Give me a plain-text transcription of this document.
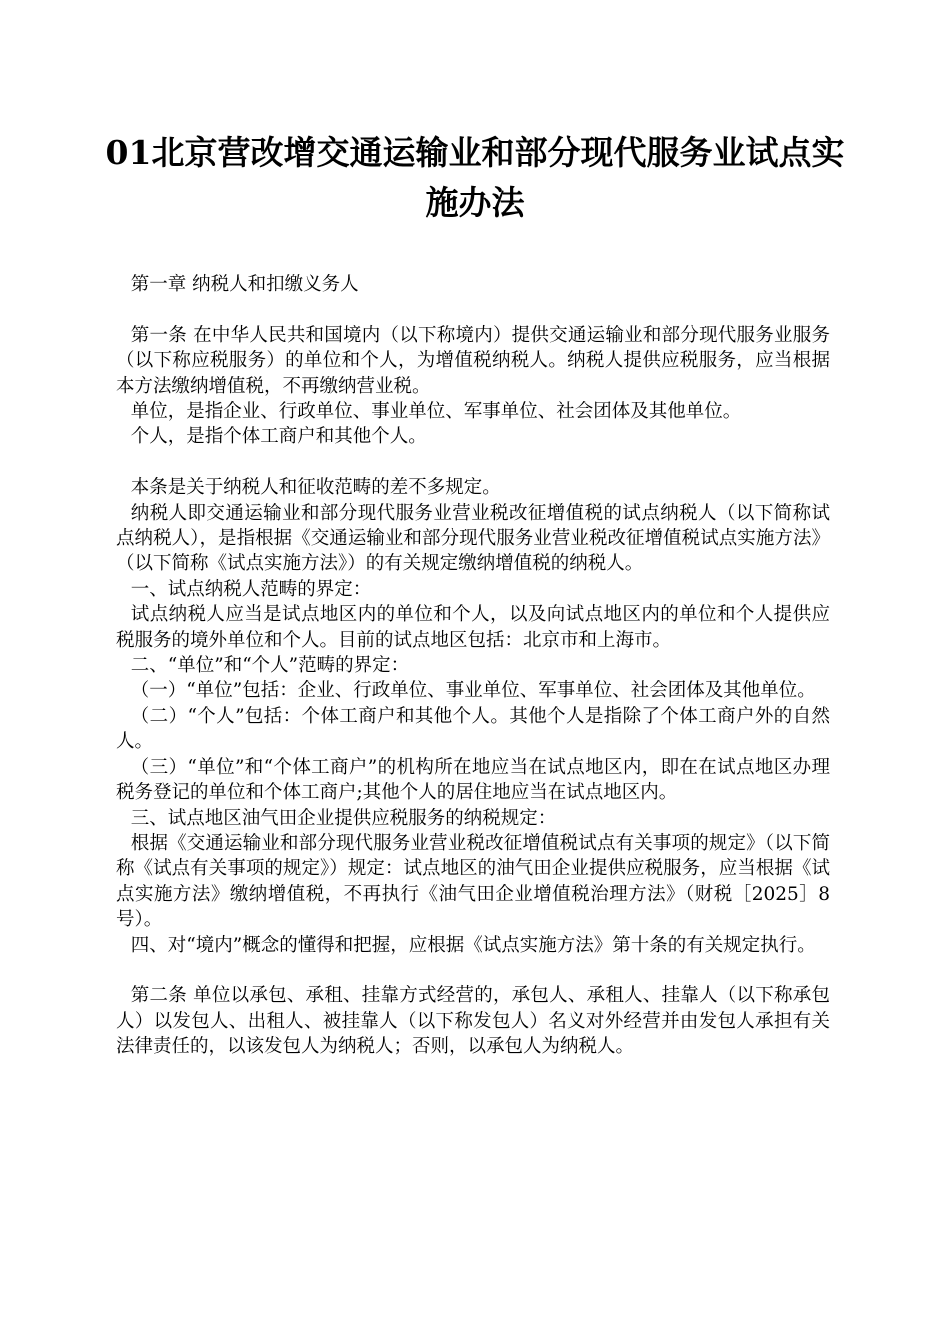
01北京营改增交通运输业和部分现代服务业试点实施办法

第一章 纳税人和扣缴义务人

第一条 在中华人民共和国境内（以下称境内）提供交通运输业和部分现代服务业服务（以下称应税服务）的单位和个人，为增值税纳税人。纳税人提供应税服务，应当根据本方法缴纳增值税，不再缴纳营业税。

单位，是指企业、行政单位、事业单位、军事单位、社会团体及其他单位。

个人，是指个体工商户和其他个人。

本条是关于纳税人和征收范畴的差不多规定。

纳税人即交通运输业和部分现代服务业营业税改征增值税的试点纳税人（以下简称试点纳税人），是指根据《交通运输业和部分现代服务业营业税改征增值税试点实施方法》（以下简称《试点实施方法》）的有关规定缴纳增值税的纳税人。

一、试点纳税人范畴的界定：

试点纳税人应当是试点地区内的单位和个人，以及向试点地区内的单位和个人提供应税服务的境外单位和个人。目前的试点地区包括：北京市和上海市。

二、“单位”和“个人”范畴的界定：

（一）“单位”包括：企业、行政单位、事业单位、军事单位、社会团体及其他单位。

（二）“个人”包括：个体工商户和其他个人。其他个人是指除了个体工商户外的自然人。

（三）“单位”和“个体工商户”的机构所在地应当在试点地区内，即在在试点地区办理税务登记的单位和个体工商户;其他个人的居住地应当在试点地区内。

三、试点地区油气田企业提供应税服务的纳税规定：

根据《交通运输业和部分现代服务业营业税改征增值税试点有关事项的规定》（以下简称《试点有关事项的规定》）规定：试点地区的油气田企业提供应税服务，应当根据《试点实施方法》缴纳增值税，不再执行《油气田企业增值税治理方法》（财税［2025］8号）。

四、对“境内”概念的懂得和把握，应根据《试点实施方法》第十条的有关规定执行。

第二条 单位以承包、承租、挂靠方式经营的，承包人、承租人、挂靠人（以下称承包人）以发包人、出租人、被挂靠人（以下称发包人）名义对外经营并由发包人承担有关法律责任的，以该发包人为纳税人；否则，以承包人为纳税人。
